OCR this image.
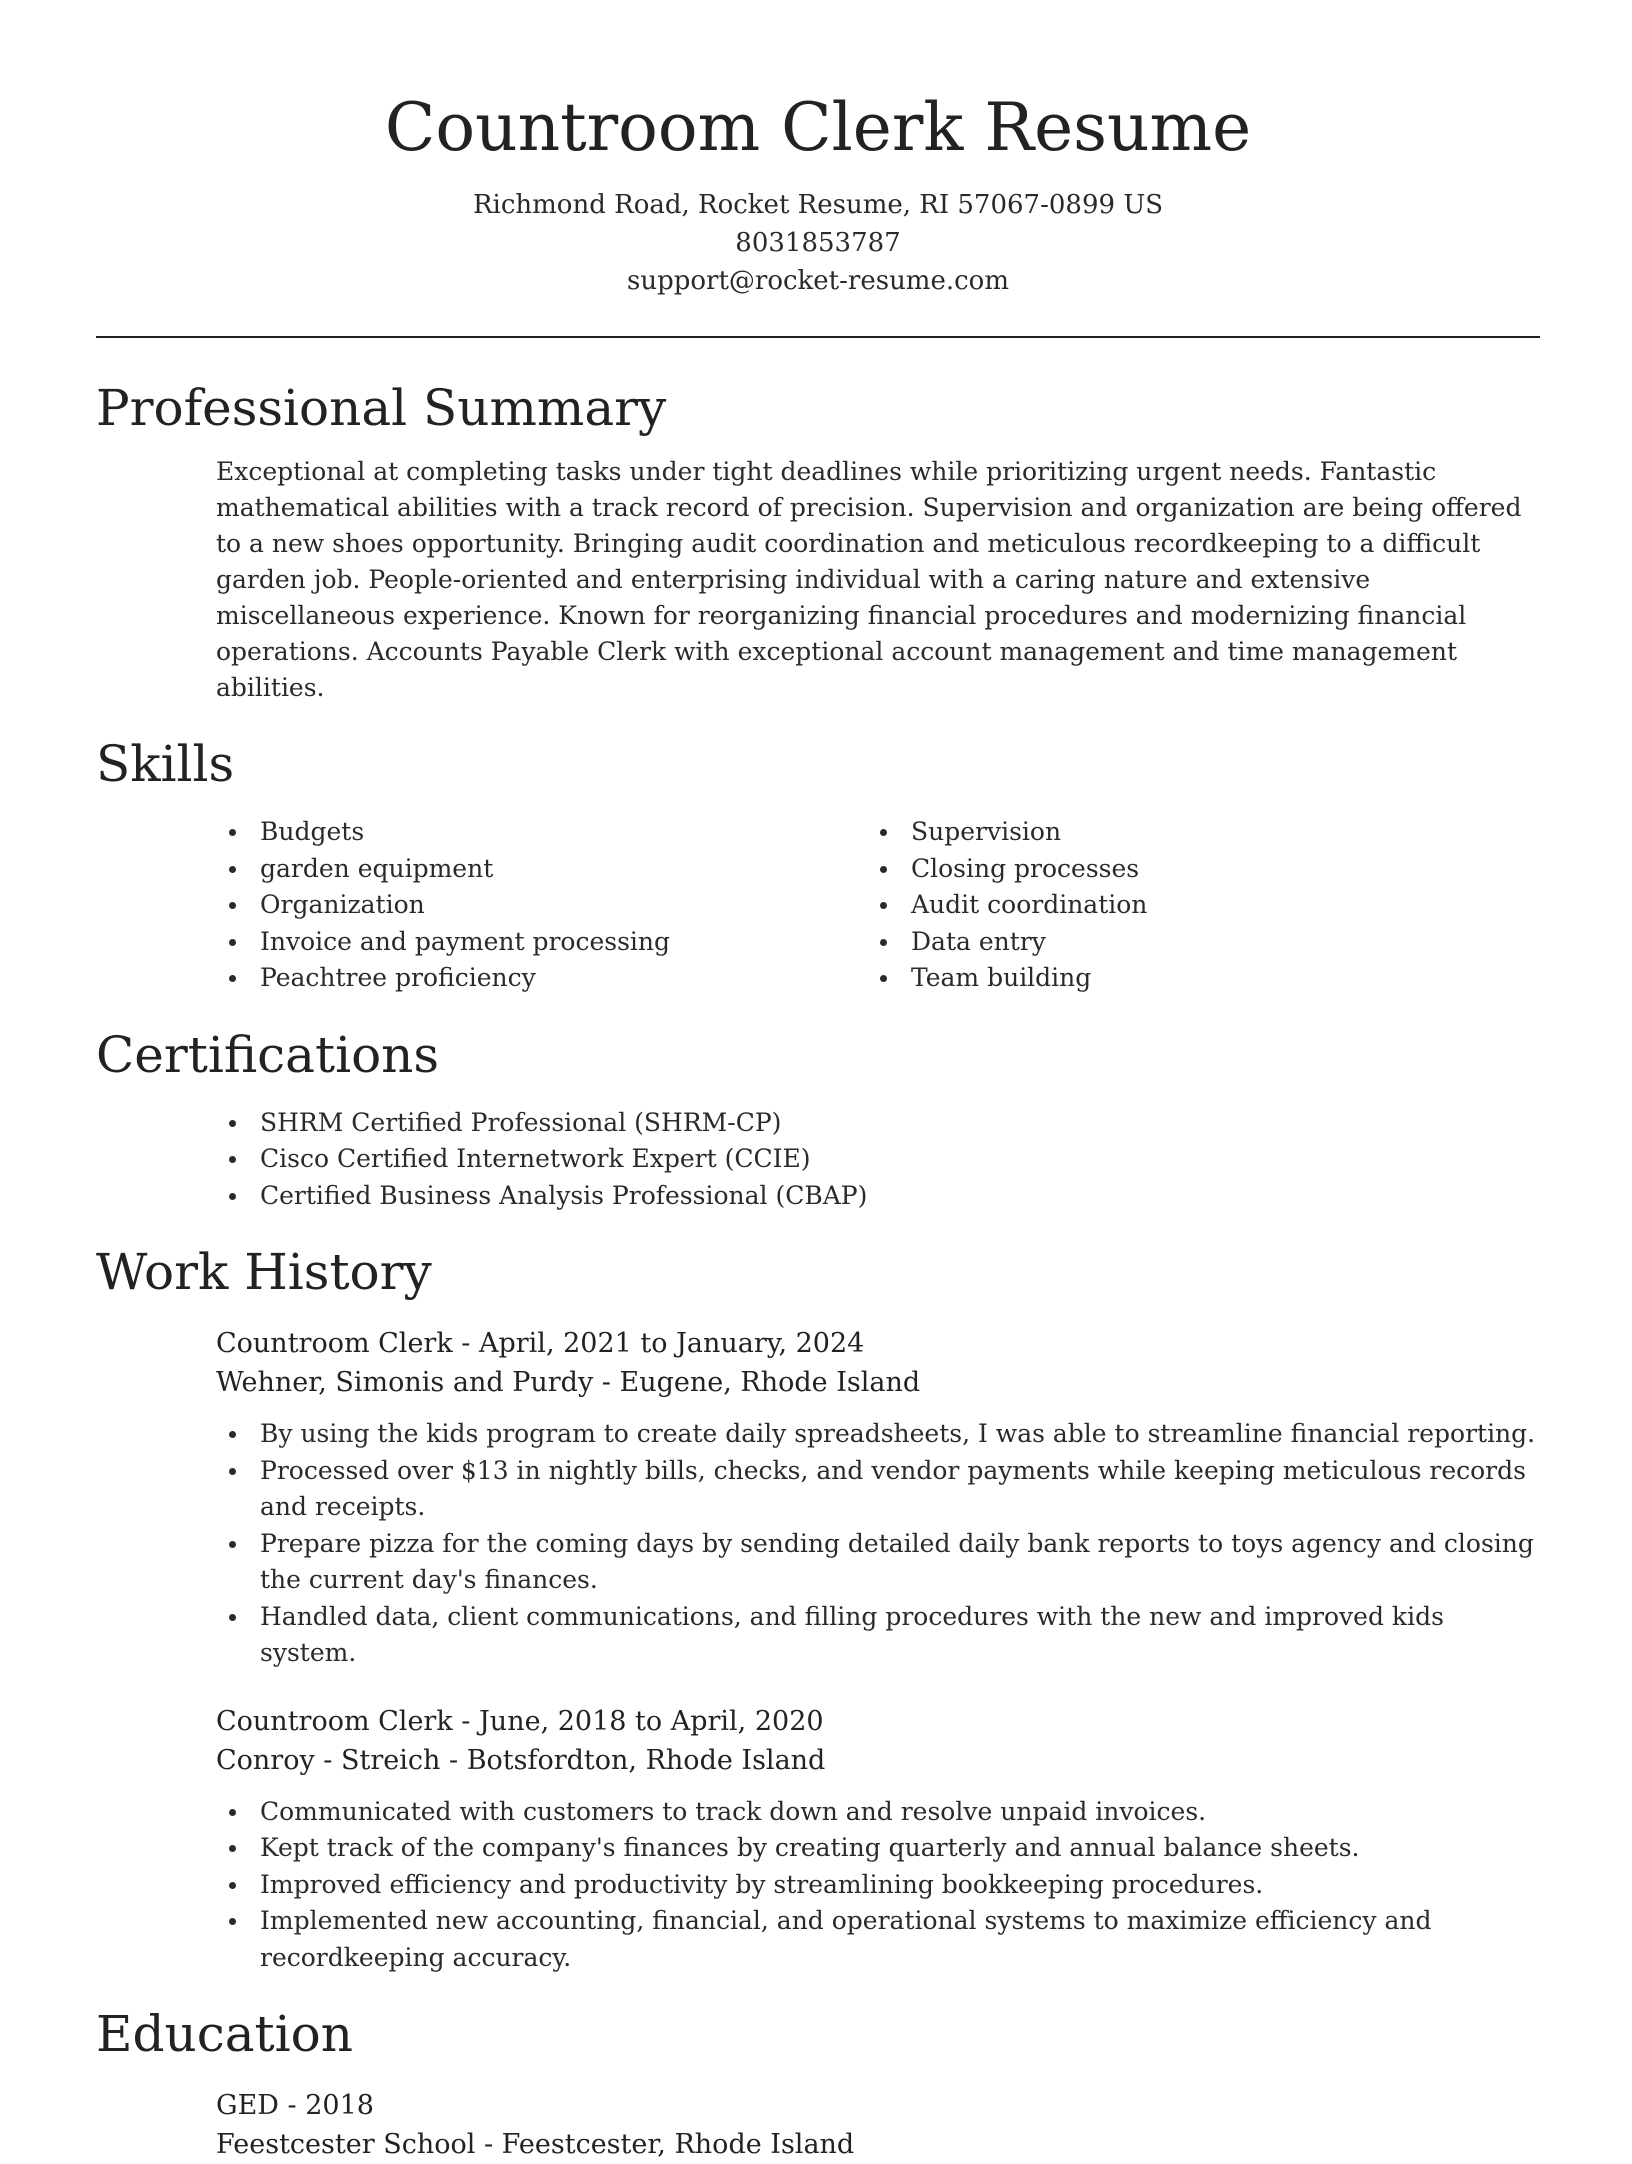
Countroom Clerk Resume
Richmond Road, Rocket Resume, RI 57067-0899 US
8031853787
support@rocket-resume.com
Professional Summary

Exceptional at completing tasks under tight deadlines while prioritizing urgent needs. Fantastic mathematical abilities with a track record of precision. Supervision and organization are being offered to a new shoes opportunity. Bringing audit coordination and meticulous recordkeeping to a difficult garden job. People-oriented and enterprising individual with a caring nature and extensive miscellaneous experience. Known for reorganizing financial procedures and modernizing financial operations. Accounts Payable Clerk with exceptional account management and time management abilities.

Skills
Budgets
garden equipment
Organization
Invoice and payment processing
Peachtree proficiency
Supervision
Closing processes
Audit coordination
Data entry
Team building
Certifications
SHRM Certified Professional (SHRM-CP)
Cisco Certified Internetwork Expert (CCIE)
Certified Business Analysis Professional (CBAP)
Work History
Countroom Clerk - April, 2021 to January, 2024
Wehner, Simonis and Purdy - Eugene, Rhode Island
By using the kids program to create daily spreadsheets, I was able to streamline financial reporting.
Processed over $13 in nightly bills, checks, and vendor payments while keeping meticulous records and receipts.
Prepare pizza for the coming days by sending detailed daily bank reports to toys agency and closing the current day's finances.
Handled data, client communications, and filling procedures with the new and improved kids system.
Countroom Clerk - June, 2018 to April, 2020
Conroy - Streich - Botsfordton, Rhode Island
Communicated with customers to track down and resolve unpaid invoices.
Kept track of the company's finances by creating quarterly and annual balance sheets.
Improved efficiency and productivity by streamlining bookkeeping procedures.
Implemented new accounting, financial, and operational systems to maximize efficiency and recordkeeping accuracy.
Education
GED - 2018
Feestcester School - Feestcester, Rhode Island
